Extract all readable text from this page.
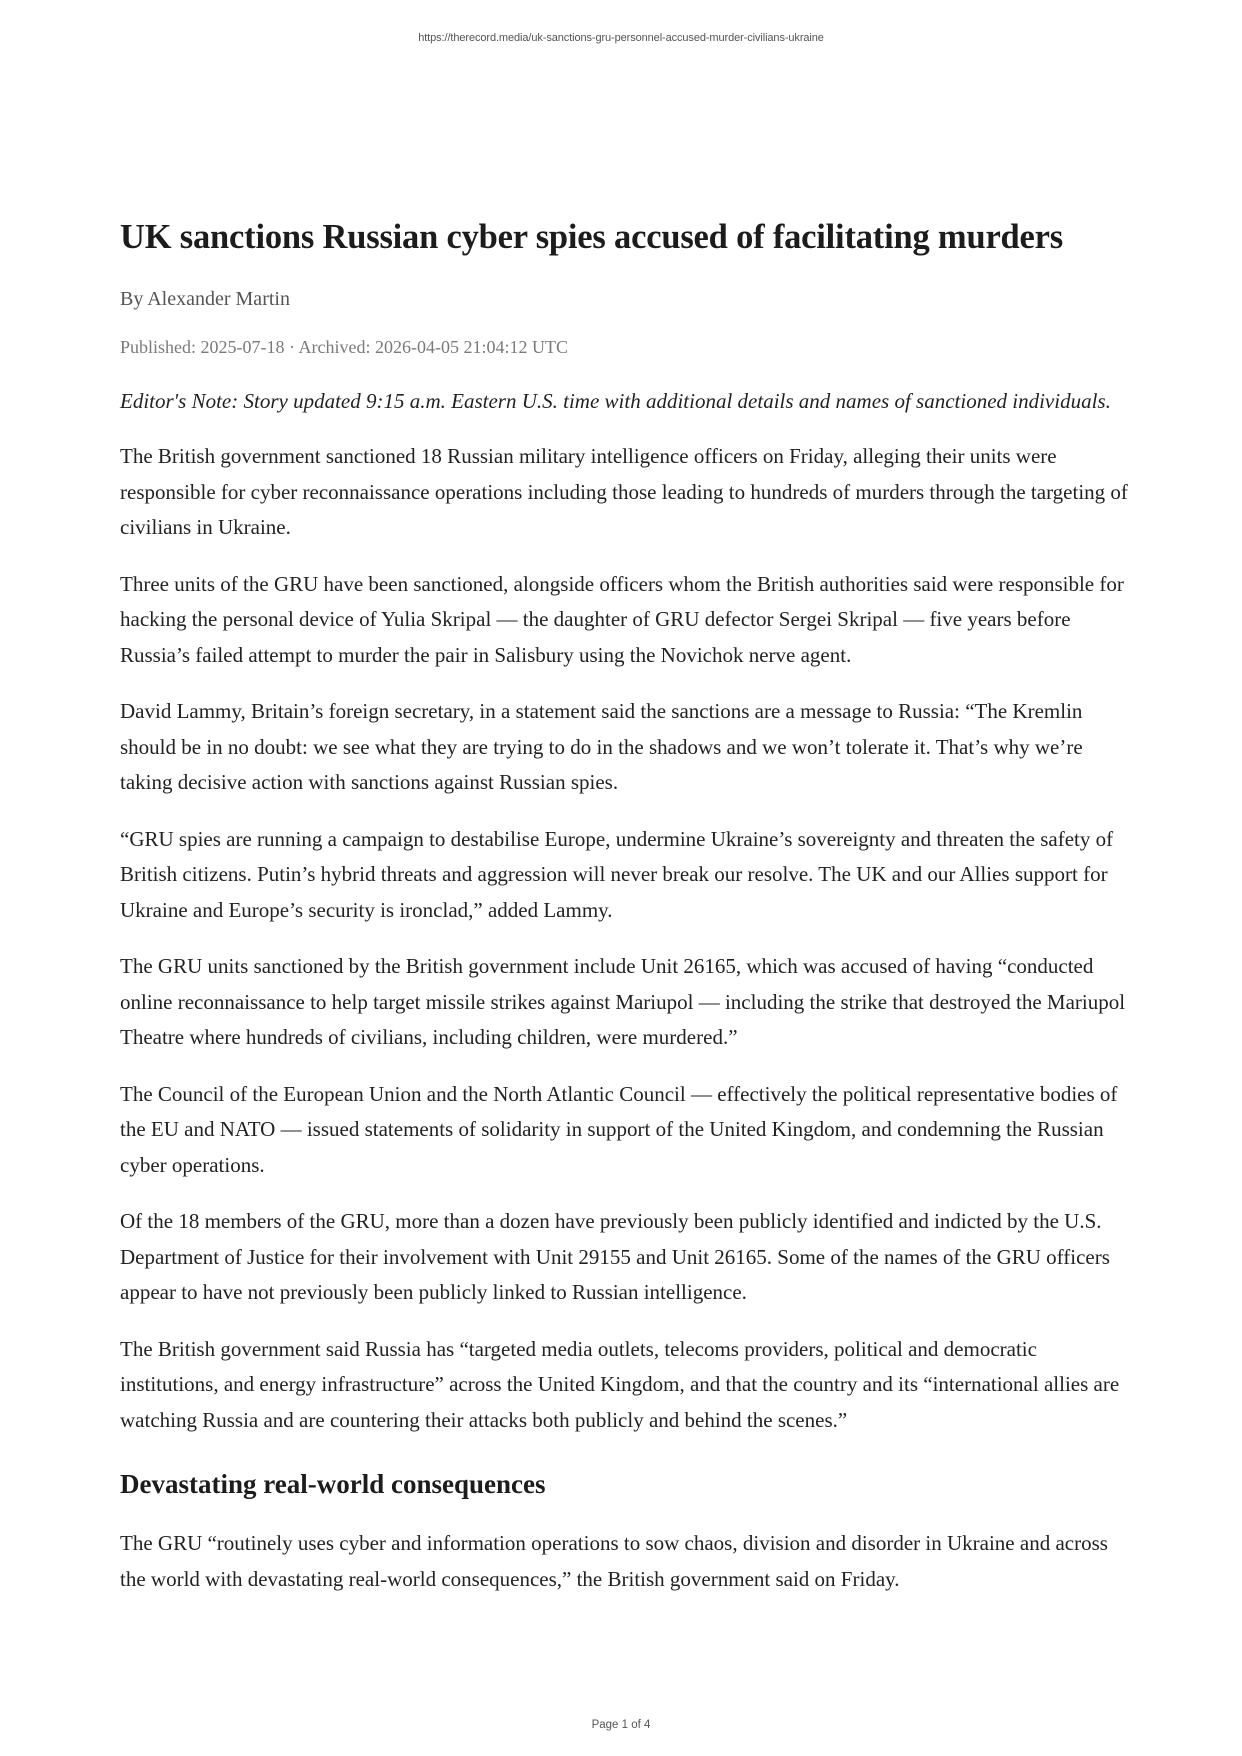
https://therecord.media/uk-sanctions-gru-personnel-accused-murder-civilians-ukraine
UK sanctions Russian cyber spies accused of facilitating murders

By Alexander Martin

Published: 2025-07-18 · Archived: 2026-04-05 21:04:12 UTC

Editor's Note: Story updated 9:15 a.m. Eastern U.S. time with additional details and names of sanctioned individuals.

The British government sanctioned 18 Russian military intelligence officers on Friday, alleging their units were responsible for cyber reconnaissance operations including those leading to hundreds of murders through the targeting of civilians in Ukraine.

Three units of the GRU have been sanctioned, alongside officers whom the British authorities said were responsible for hacking the personal device of Yulia Skripal — the daughter of GRU defector Sergei Skripal — five years before Russia’s failed attempt to murder the pair in Salisbury using the Novichok nerve agent.

David Lammy, Britain’s foreign secretary, in a statement said the sanctions are a message to Russia: “The Kremlin should be in no doubt: we see what they are trying to do in the shadows and we won’t tolerate it. That’s why we’re taking decisive action with sanctions against Russian spies.

“GRU spies are running a campaign to destabilise Europe, undermine Ukraine’s sovereignty and threaten the safety of British citizens. Putin’s hybrid threats and aggression will never break our resolve. The UK and our Allies support for Ukraine and Europe’s security is ironclad,” added Lammy.

The GRU units sanctioned by the British government include Unit 26165, which was accused of having “conducted online reconnaissance to help target missile strikes against Mariupol — including the strike that destroyed the Mariupol Theatre where hundreds of civilians, including children, were murdered.”

The Council of the European Union and the North Atlantic Council — effectively the political representative bodies of the EU and NATO — issued statements of solidarity in support of the United Kingdom, and condemning the Russian cyber operations.

Of the 18 members of the GRU, more than a dozen have previously been publicly identified and indicted by the U.S. Department of Justice for their involvement with Unit 29155 and Unit 26165. Some of the names of the GRU officers appear to have not previously been publicly linked to Russian intelligence.

The British government said Russia has “targeted media outlets, telecoms providers, political and democratic institutions, and energy infrastructure” across the United Kingdom, and that the country and its “international allies are watching Russia and are countering their attacks both publicly and behind the scenes.”

Devastating real-world consequences

The GRU “routinely uses cyber and information operations to sow chaos, division and disorder in Ukraine and across the world with devastating real-world consequences,” the British government said on Friday.

Page 1 of 4
